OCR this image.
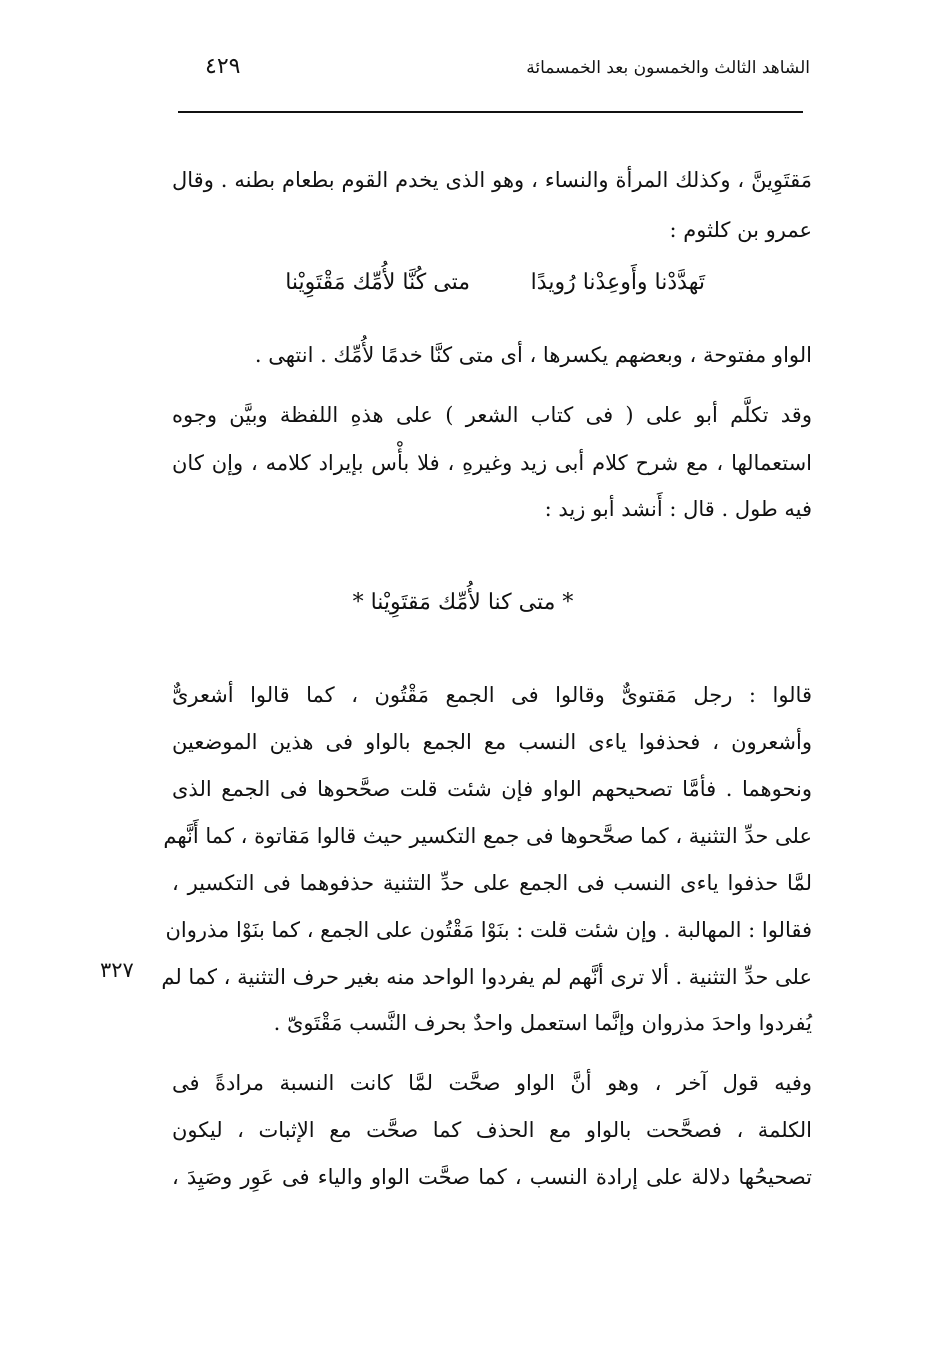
الشاهد الثالث والخمسون بعد الخمسمائة
٤٢٩
مَقتَوِينَّ ، وكذلك المرأة والنساء ، وهو الذى يخدم القوم بطعام بطنه . وقال
عمرو بن كلثوم :
تَهدَّدْنا وأَوعِدْنا رُويدًا
متى كُنَّا لأُمِّك مَقْتَوِيْنا
الواو مفتوحة ، وبعضهم يكسرها ، أى متى كنَّا خدمًا لأُمِّك . انتهى .
وقد تكلَّم أبو على ( فى كتاب الشعر ) على هذهِ اللفظة وبيَّن وجوه
استعمالها ، مع شرح كلام أبى زيد وغيرهِ ، فلا بأْس بإيراد كلامه ، وإن كان
فيه طول . قال : أَنشد أبو زيد :
* متى كنا لأُمِّك مَقتَوِيْنا *
قالوا : رجل مَقتوىٌّ وقالوا فى الجمع مَقْتُون ، كما قالوا أشعرىٌّ
وأشعرون ، فحذفوا ياءى النسب مع الجمع بالواو فى هذين الموضعين
ونحوهما . فأمَّا تصحيحهم الواو فإن شئت قلت صحَّحوها فى الجمع الذى
على حدِّ التثنية ، كما صحَّحوها فى جمع التكسير حيث قالوا مَقاتوة ، كما أَنَّهم
لمَّا حذفوا ياءى النسب فى الجمع على حدِّ التثنية حذفوهما فى التكسير ،
فقالوا : المهالبة . وإن شئت قلت : بنَوْا مَقْتُون على الجمع ، كما بنَوْا مذروان
على حدِّ التثنية . ألا ترى أنَّهم لم يفردوا الواحد منه بغير حرف التثنية ، كما لم
يُفردوا واحدَ مذروان وإنَّما استعمل واحدٌ بحرف النَّسب مَقْتَوىّ .
٣٢٧
وفيه قول آخر ، وهو أنَّ الواو صحَّت لمَّا كانت النسبة مرادةً فى
الكلمة ، فصحَّحت بالواو مع الحذف كما صحَّت مع الإثبات ، ليكون
تصحيحُها دلالة على إرادة النسب ، كما صحَّت الواو والياء فى عَوِر وصَيِدَ ،
